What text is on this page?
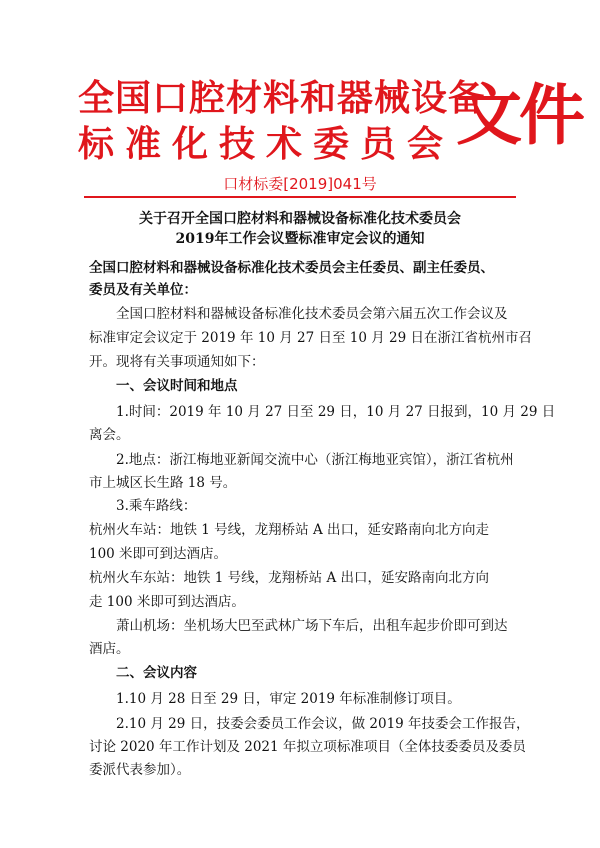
全国口腔材料和器械设备
标准化技术委员会 文件
口材标委[2019]041号
关于召开全国口腔材料和器械设备标准化技术委员会
2019年工作会议暨标准审定会议的通知
全国口腔材料和器械设备标准化技术委员会主任委员、副主任委员、
委员及有关单位：
全国口腔材料和器械设备标准化技术委员会第六届五次工作会议及
标准审定会议定于 2019 年 10 月 27 日至 10 月 29 日在浙江省杭州市召
开。现将有关事项通知如下：
一、会议时间和地点
1.时间：2019 年 10 月 27 日至 29 日，10 月 27 日报到，10 月 29 日
离会。
2.地点：浙江梅地亚新闻交流中心（浙江梅地亚宾馆），浙江省杭州
市上城区长生路 18 号。
3.乘车路线：
杭州火车站：地铁 1 号线，龙翔桥站 A 出口，延安路南向北方向走
100 米即可到达酒店。
杭州火车东站：地铁 1 号线，龙翔桥站 A 出口，延安路南向北方向
走 100 米即可到达酒店。
萧山机场：坐机场大巴至武林广场下车后，出租车起步价即可到达
酒店。
二、会议内容
1.10 月 28 日至 29 日，审定 2019 年标准制修订项目。
2.10 月 29 日，技委会委员工作会议，做 2019 年技委会工作报告，
讨论 2020 年工作计划及 2021 年拟立项标准项目（全体技委委员及委员
委派代表参加）。
